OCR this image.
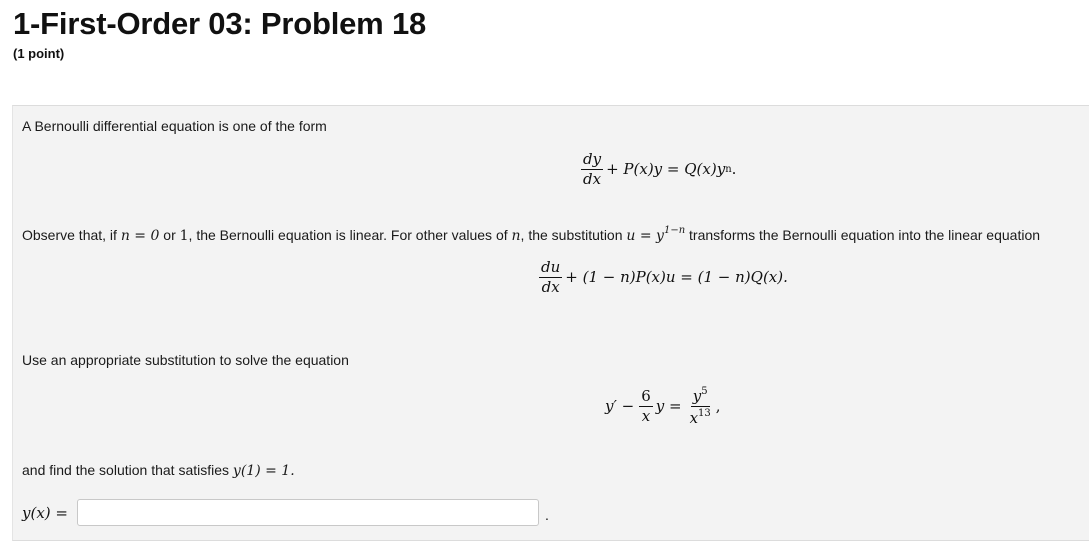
1-First-Order 03: Problem 18
(1 point)
A Bernoulli differential equation is one of the form
$\frac{dy}{dx} + P(x)y = Q(x)y$ n .
Observe that, if n = 0 or 1, the Bernoulli equation is linear. For other values of n, the substitution $u = y^{1-n}$ transforms the Bernoulli equation into the linear equation
$\frac{du}{dx} + (1 - n)P(x)u = (1 - n)Q(x)$.
Use an appropriate substitution to solve the equation
$y' - \frac{6}{x}$ $y = \frac{y^5}{x^{13}}$ ,
and find the solution that satisfies y(1) = 1.
y(x) =	.
